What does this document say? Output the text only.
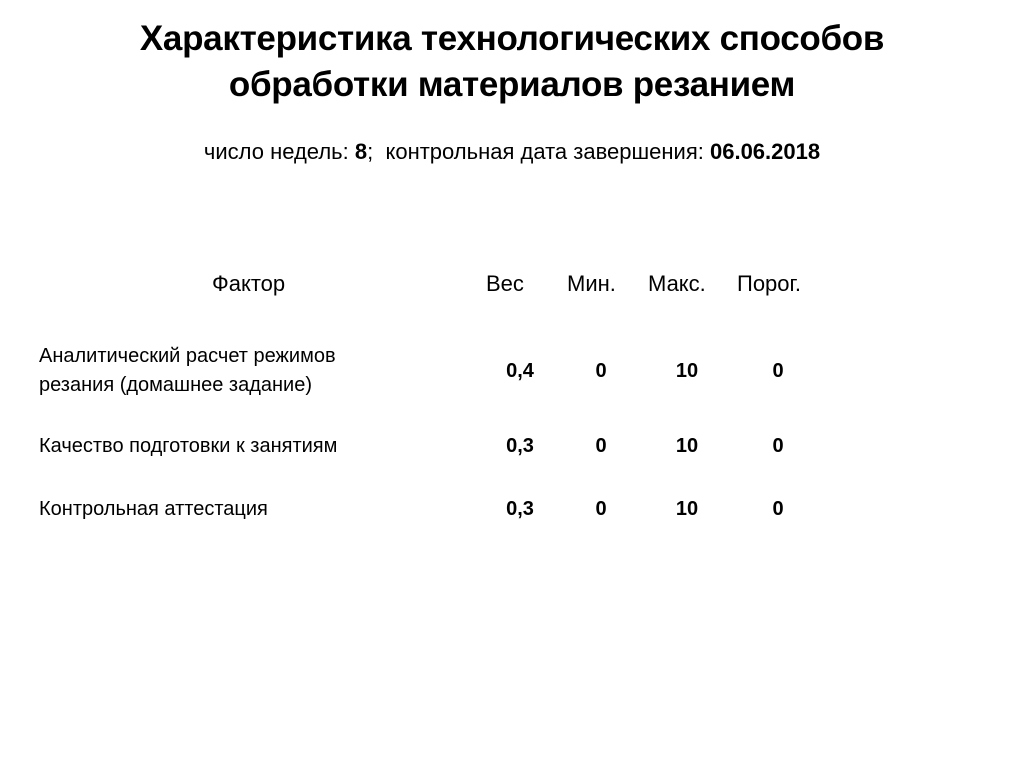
Характеристика технологических способов
обработки материалов резанием
число недель: 8; контрольная дата завершения: 06.06.2018
Фактор	Вес Мин. Макс. Порог.
Аналитический расчет режимов
резания (домашнее задание)
0,4	0	10	0
Качество подготовки к занятиям	0,3	0	10	0
Контрольная аттестация	0,3	0	10	0
